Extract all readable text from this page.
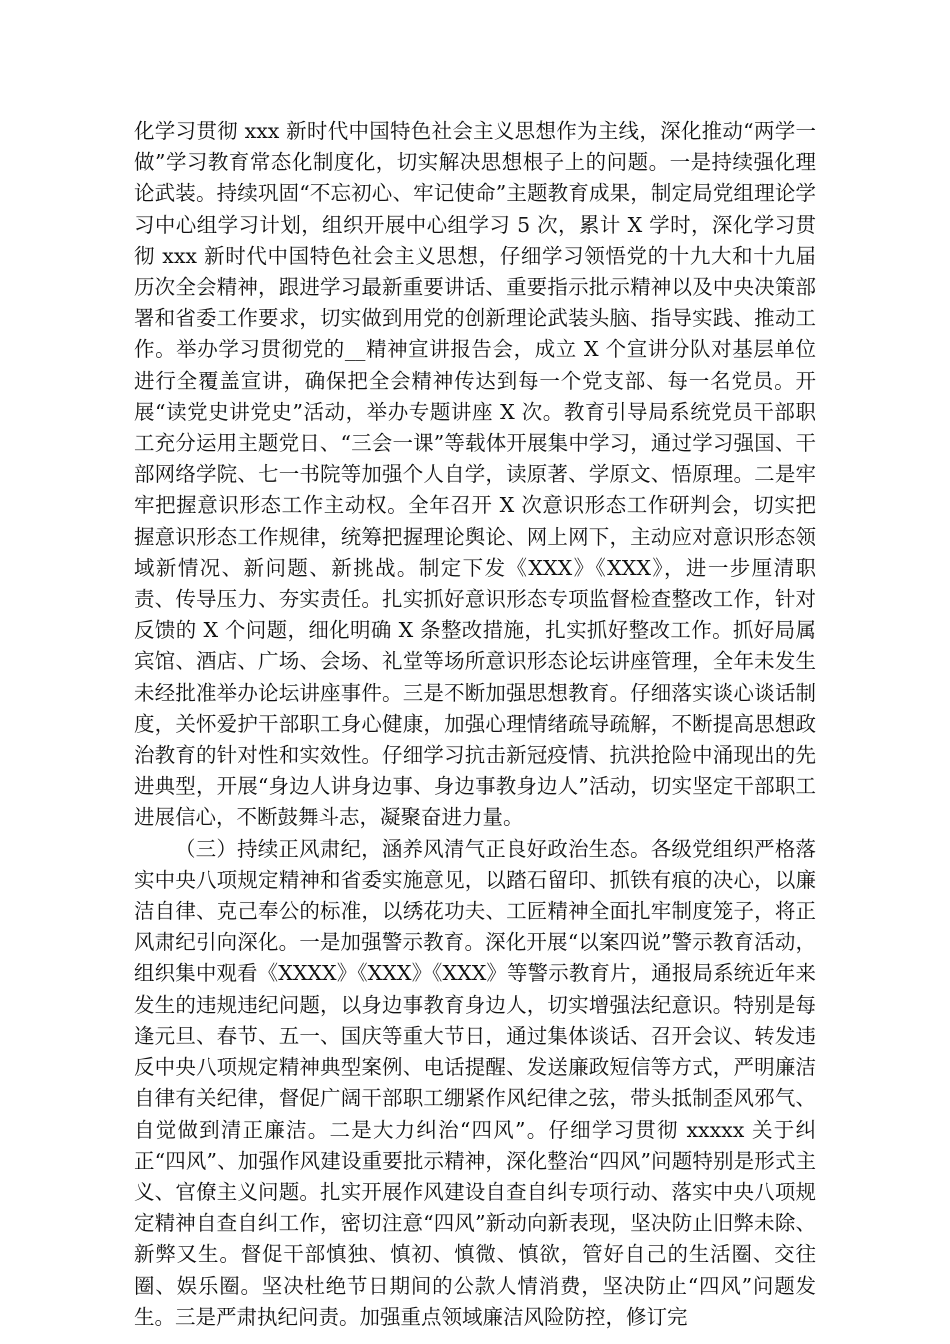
化学习贯彻 xxx 新时代中国特色社会主义思想作为主线，深化推动“两学一做”学习教育常态化制度化，切实解决思想根子上的问题。一是持续强化理论武装。持续巩固“不忘初心、牢记使命”主题教育成果，制定局党组理论学习中心组学习计划，组织开展中心组学习 5 次，累计 X 学时，深化学习贯彻 xxx 新时代中国特色社会主义思想，仔细学习领悟党的十九大和十九届历次全会精神，跟进学习最新重要讲话、重要指示批示精神以及中央决策部署和省委工作要求，切实做到用党的创新理论武装头脑、指导实践、推动工作。举办学习贯彻党的__精神宣讲报告会，成立 X 个宣讲分队对基层单位进行全覆盖宣讲，确保把全会精神传达到每一个党支部、每一名党员。开展“读党史讲党史”活动，举办专题讲座 X 次。教育引导局系统党员干部职工充分运用主题党日、“三会一课”等载体开展集中学习，通过学习强国、干部网络学院、七一书院等加强个人自学，读原著、学原文、悟原理。二是牢牢把握意识形态工作主动权。全年召开 X 次意识形态工作研判会，切实把握意识形态工作规律，统筹把握理论舆论、网上网下，主动应对意识形态领域新情况、新问题、新挑战。制定下发《XXX》《XXX》，进一步厘清职责、传导压力、夯实责任。扎实抓好意识形态专项监督检查整改工作，针对反馈的 X 个问题，细化明确 X 条整改措施，扎实抓好整改工作。抓好局属宾馆、酒店、广场、会场、礼堂等场所意识形态论坛讲座管理，全年未发生未经批准举办论坛讲座事件。三是不断加强思想教育。仔细落实谈心谈话制度，关怀爱护干部职工身心健康，加强心理情绪疏导疏解，不断提高思想政治教育的针对性和实效性。仔细学习抗击新冠疫情、抗洪抢险中涌现出的先进典型，开展“身边人讲身边事、身边事教身边人”活动，切实坚定干部职工进展信心，不断鼓舞斗志，凝聚奋进力量。

（三）持续正风肃纪，涵养风清气正良好政治生态。各级党组织严格落实中央八项规定精神和省委实施意见，以踏石留印、抓铁有痕的决心，以廉洁自律、克己奉公的标准，以绣花功夫、工匠精神全面扎牢制度笼子，将正风肃纪引向深化。一是加强警示教育。深化开展“以案四说”警示教育活动，组织集中观看《XXXX》《XXX》《XXX》等警示教育片，通报局系统近年来发生的违规违纪问题，以身边事教育身边人，切实增强法纪意识。特别是每逢元旦、春节、五一、国庆等重大节日，通过集体谈话、召开会议、转发违反中央八项规定精神典型案例、电话提醒、发送廉政短信等方式，严明廉洁自律有关纪律，督促广阔干部职工绷紧作风纪律之弦，带头抵制歪风邪气、自觉做到清正廉洁。二是大力纠治“四风”。仔细学习贯彻 xxxxx 关于纠正“四风”、加强作风建设重要批示精神，深化整治“四风”问题特别是形式主义、官僚主义问题。扎实开展作风建设自查自纠专项行动、落实中央八项规定精神自查自纠工作，密切注意“四风”新动向新表现，坚决防止旧弊未除、新弊又生。督促干部慎独、慎初、慎微、慎欲，管好自己的生活圈、交往圈、娱乐圈。坚决杜绝节日期间的公款人情消费，坚决防止“四风”问题发生。三是严肃执纪问责。加强重点领域廉洁风险防控，修订完
